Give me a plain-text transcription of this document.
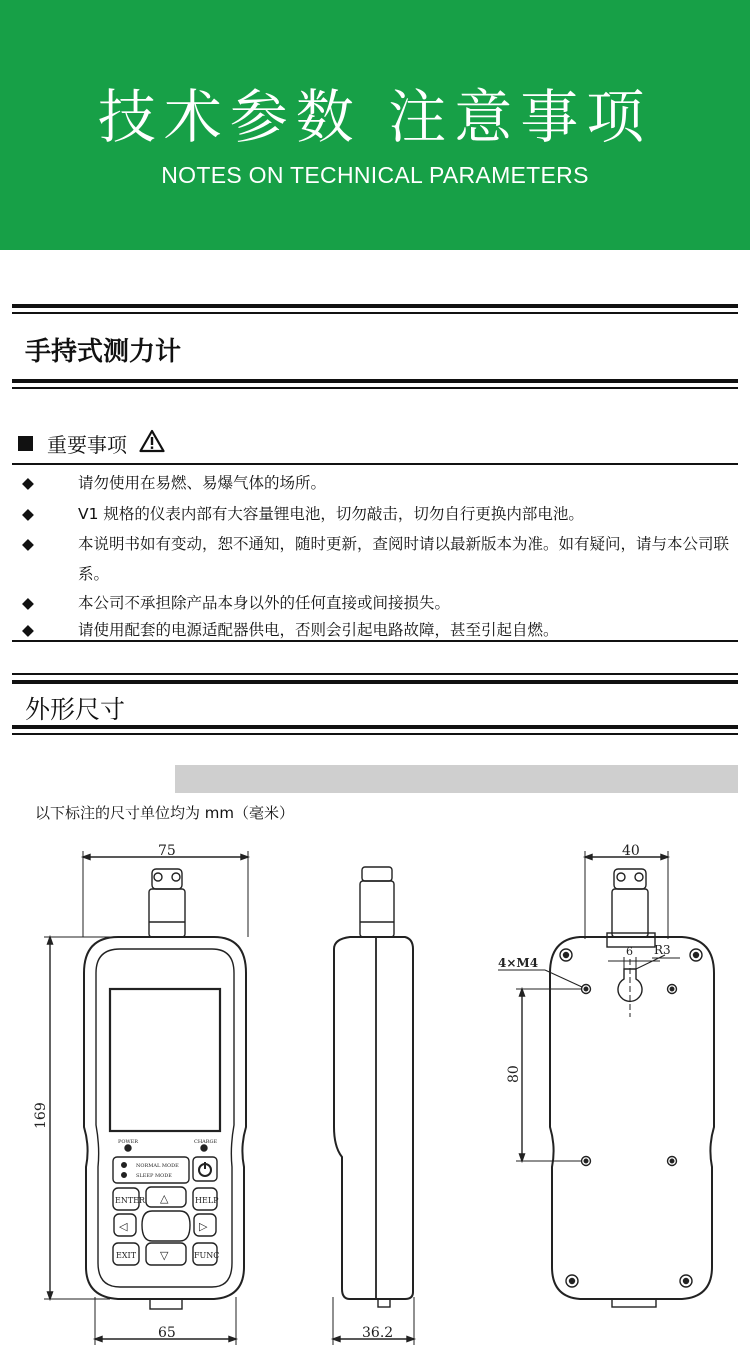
技术参数 注意事项
NOTES ON TECHNICAL PARAMETERS
手持式测力计
重要事项
◆	请勿使用在易燃、易爆气体的场所。
◆	V1 规格的仪表内部有大容量锂电池，切勿敲击，切勿自行更换内部电池。
◆	本说明书如有变动，恕不通知，随时更新，查阅时请以最新版本为准。如有疑问，请与本公司联系。
◆	本公司不承担除产品本身以外的任何直接或间接损失。
◆	请使用配套的电源适配器供电，否则会引起电路故障，甚至引起自燃。
外形尺寸
以下标注的尺寸单位均为 mm（毫米）
75
169
POWER	CHARGE
NORMAL MODE
SLEEP MODE
ENTER △	HELP
◁	▷
EXIT ▽	FUNC
65	36.2
40
6 R3
4×M4
80
